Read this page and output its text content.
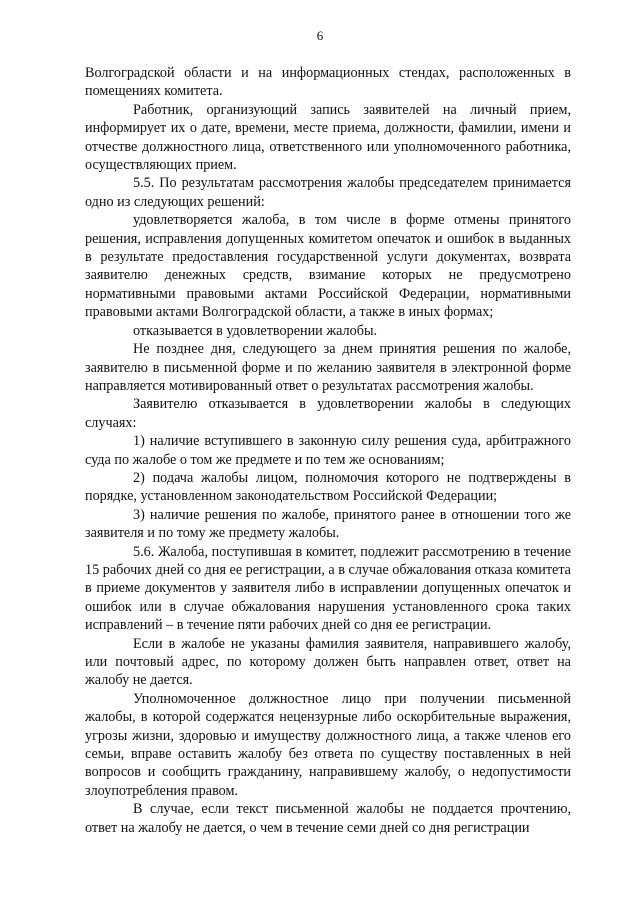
6

Волгоградской области и на информационных стендах, расположенных в помещениях комитета.

Работник, организующий запись заявителей на личный прием, информирует их о дате, времени, месте приема, должности, фамилии, имени и отчестве должностного лица, ответственного или уполномоченного работника, осуществляющих прием.

5.5. По результатам рассмотрения жалобы председателем принимается одно из следующих решений:

удовлетворяется жалоба, в том числе в форме отмены принятого решения, исправления допущенных комитетом опечаток и ошибок в выданных в результате предоставления государственной услуги документах, возврата заявителю денежных средств, взимание которых не предусмотрено нормативными правовыми актами Российской Федерации, нормативными правовыми актами Волгоградской области, а также в иных формах;

отказывается в удовлетворении жалобы.

Не позднее дня, следующего за днем принятия решения по жалобе, заявителю в письменной форме и по желанию заявителя в электронной форме направляется мотивированный ответ о результатах рассмотрения жалобы.

Заявителю отказывается в удовлетворении жалобы в следующих случаях:

1) наличие вступившего в законную силу решения суда, арбитражного суда по жалобе о том же предмете и по тем же основаниям;

2) подача жалобы лицом, полномочия которого не подтверждены в порядке, установленном законодательством Российской Федерации;

3) наличие решения по жалобе, принятого ранее в отношении того же заявителя и по тому же предмету жалобы.

5.6. Жалоба, поступившая в комитет, подлежит рассмотрению в течение 15 рабочих дней со дня ее регистрации, а в случае обжалования отказа комитета в приеме документов у заявителя либо в исправлении допущенных опечаток и ошибок или в случае обжалования нарушения установленного срока таких исправлений – в течение пяти рабочих дней со дня ее регистрации.

Если в жалобе не указаны фамилия заявителя, направившего жалобу, или почтовый адрес, по которому должен быть направлен ответ, ответ на жалобу не дается.

Уполномоченное должностное лицо при получении письменной жалобы, в которой содержатся нецензурные либо оскорбительные выражения, угрозы жизни, здоровью и имуществу должностного лица, а также членов его семьи, вправе оставить жалобу без ответа по существу поставленных в ней вопросов и сообщить гражданину, направившему жалобу, о недопустимости злоупотребления правом.

В случае, если текст письменной жалобы не поддается прочтению, ответ на жалобу не дается, о чем в течение семи дней со дня регистрации
